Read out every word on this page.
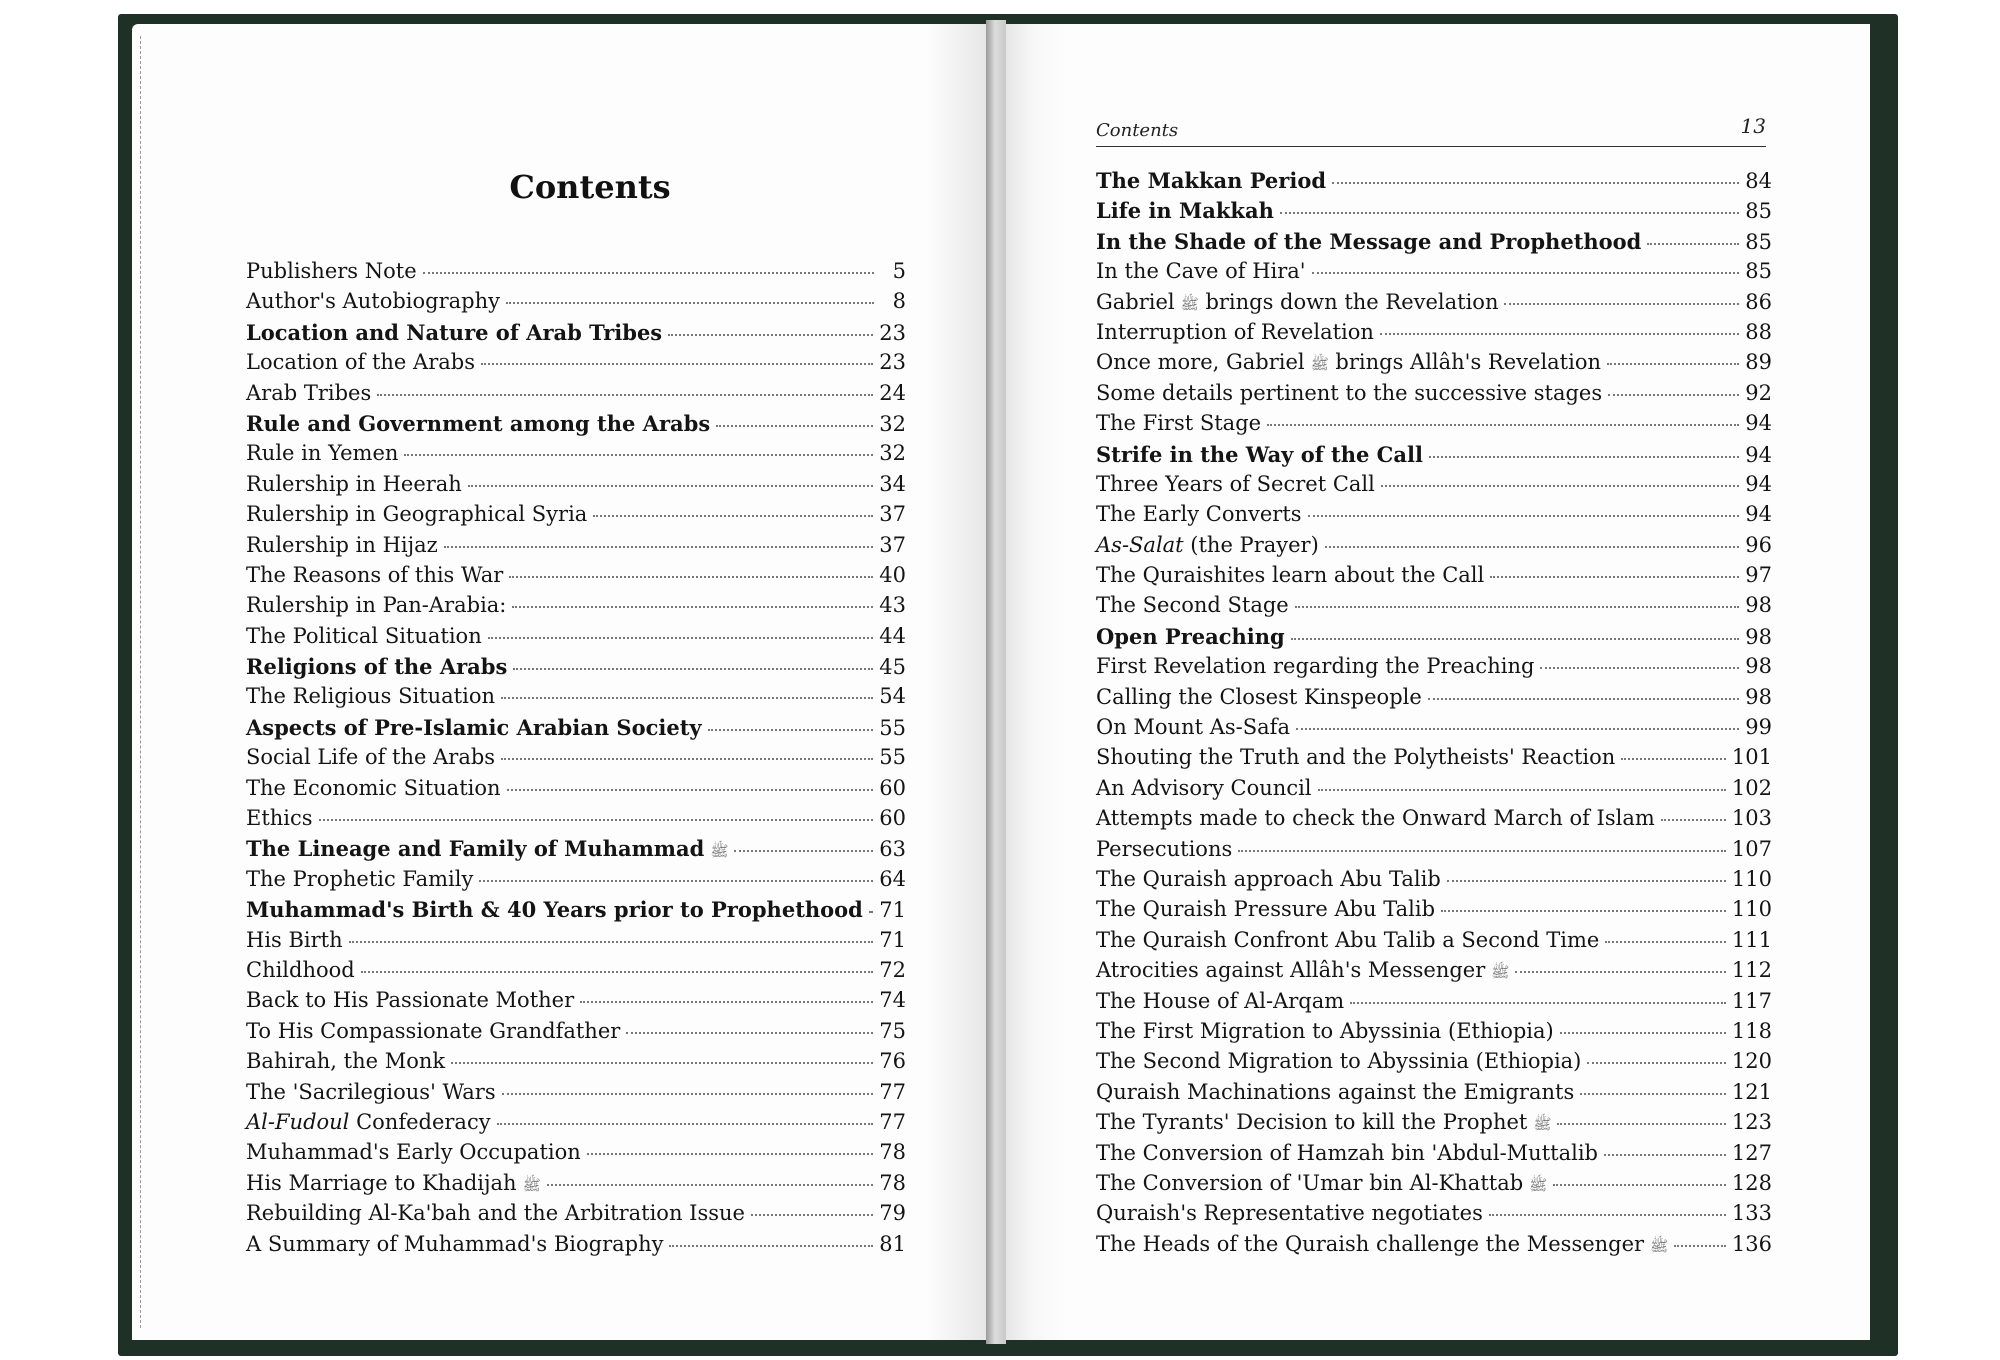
Contents
Contents	13
Publishers Note	5
Author's Autobiography	8
Location and Nature of Arab Tribes	23
Location of the Arabs	23
Arab Tribes	24
Rule and Government among the Arabs	32
Rule in Yemen	32
Rulership in Heerah	34
Rulership in Geographical Syria	37
Rulership in Hijaz	37
The Reasons of this War	40
Rulership in Pan-Arabia:	43
The Political Situation	44
Religions of the Arabs	45
The Religious Situation	54
Aspects of Pre-Islamic Arabian Society	55
Social Life of the Arabs	55
The Economic Situation	60
Ethics	60
The Lineage and Family of Muhammad ﷺ	63
The Prophetic Family	64
Muhammad's Birth & 40 Years prior to Prophethood 71
His Birth	71
Childhood	72
Back to His Passionate Mother	74
To His Compassionate Grandfather	75
Bahirah, the Monk	76
The 'Sacrilegious' Wars	77
Al-Fudoul Confederacy	77
Muhammad's Early Occupation	78
His Marriage to Khadijah ﷺ	78
Rebuilding Al-Ka'bah and the Arbitration Issue	79
A Summary of Muhammad's Biography	81
The Makkan Period	84
Life in Makkah	85
In the Shade of the Message and Prophethood	85
In the Cave of Hira'	85
Gabriel ﷺ brings down the Revelation	86
Interruption of Revelation	88
Once more, Gabriel ﷺ brings Allâh's Revelation	89
Some details pertinent to the successive stages	92
The First Stage	94
Strife in the Way of the Call	94
Three Years of Secret Call	94
The Early Converts	94
As-Salat (the Prayer)	96
The Quraishites learn about the Call	97
The Second Stage	98
Open Preaching	98
First Revelation regarding the Preaching	98
Calling the Closest Kinspeople	98
On Mount As-Safa	99
Shouting the Truth and the Polytheists' Reaction	101
An Advisory Council	102
Attempts made to check the Onward March of Islam	103
Persecutions	107
The Quraish approach Abu Talib	110
The Quraish Pressure Abu Talib	110
The Quraish Confront Abu Talib a Second Time	111
Atrocities against Allâh's Messenger ﷺ	112
The House of Al-Arqam	117
The First Migration to Abyssinia (Ethiopia)	118
The Second Migration to Abyssinia (Ethiopia)	120
Quraish Machinations against the Emigrants	121
The Tyrants' Decision to kill the Prophet ﷺ	123
The Conversion of Hamzah bin 'Abdul-Muttalib	127
The Conversion of 'Umar bin Al-Khattab ﷺ	128
Quraish's Representative negotiates	133
The Heads of the Quraish challenge the Messenger ﷺ	136
